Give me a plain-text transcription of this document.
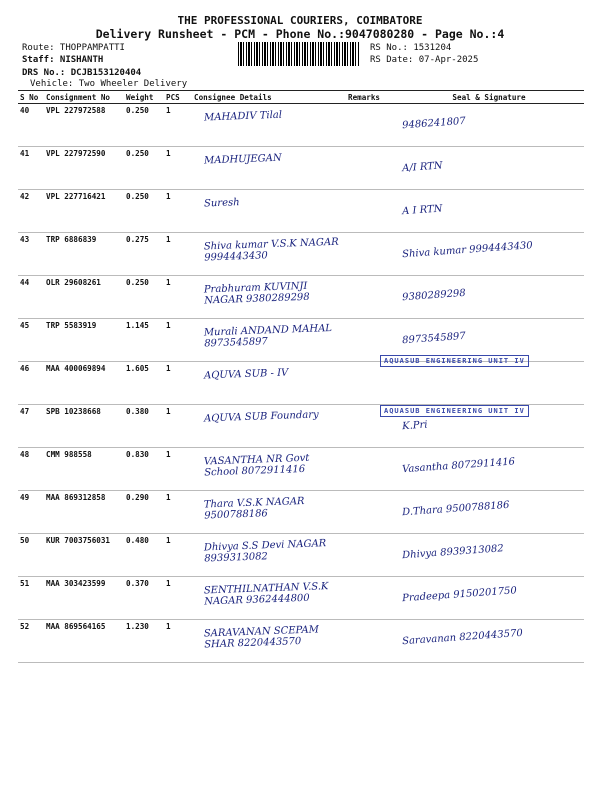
THE PROFESSIONAL COURIERS, COIMBATORE
Delivery Runsheet - PCM - Phone No.:9047080280 - Page No.:4
Route: THOPPAMPATTI
Staff: NISHANTH
DRS No.: DCJB153120404
Vehicle: Two Wheeler Delivery
RS No.: 1531204
RS Date: 07-Apr-2025
S No	Consignment No	Weight	PCS	Consignee Details	Remarks	Seal & Signature
40	VPL 227972588	0.250	1	MAHADIV Tilal		9486241807

41	VPL 227972590	0.250	1	MADHUJEGAN		A/I RTN

42	VPL 227716421	0.250	1	Suresh		A I RTN

43	TRP 6886839	0.275	1	Shiva kumar V.S.K NAGAR 9994443430		Shiva kumar 9994443430

44	OLR 29608261	0.250	1	Prabhuram KUVINJI NAGAR 9380289298		9380289298

45	TRP 5583919	1.145	1	Murali ANDAND MAHAL 8973545897		8973545897

46	MAA 400069894	1.605	1	AQUVA SUB - IV		

47	SPB 10238668	0.380	1	AQUVA SUB Foundary		K.Pri

48	CMM 988558	0.830	1	VASANTHA NR Govt School 8072911416		Vasantha 8072911416

49	MAA 869312858	0.290	1	Thara V.S.K NAGAR 9500788186		D.Thara 9500788186

50	KUR 7003756031	0.480	1	Dhivya S.S Devi NAGAR 8939313082		Dhivya 8939313082

51	MAA 303423599	0.370	1	SENTHILNATHAN V.S.K NAGAR 9362444800		Pradeepa 9150201750

52	MAA 869564165	1.230	1	SARAVANAN SCEPAM SHAR 8220443570		Saravanan 8220443570
AQUASUB ENGINEERING UNIT IV
AQUASUB ENGINEERING UNIT IV
